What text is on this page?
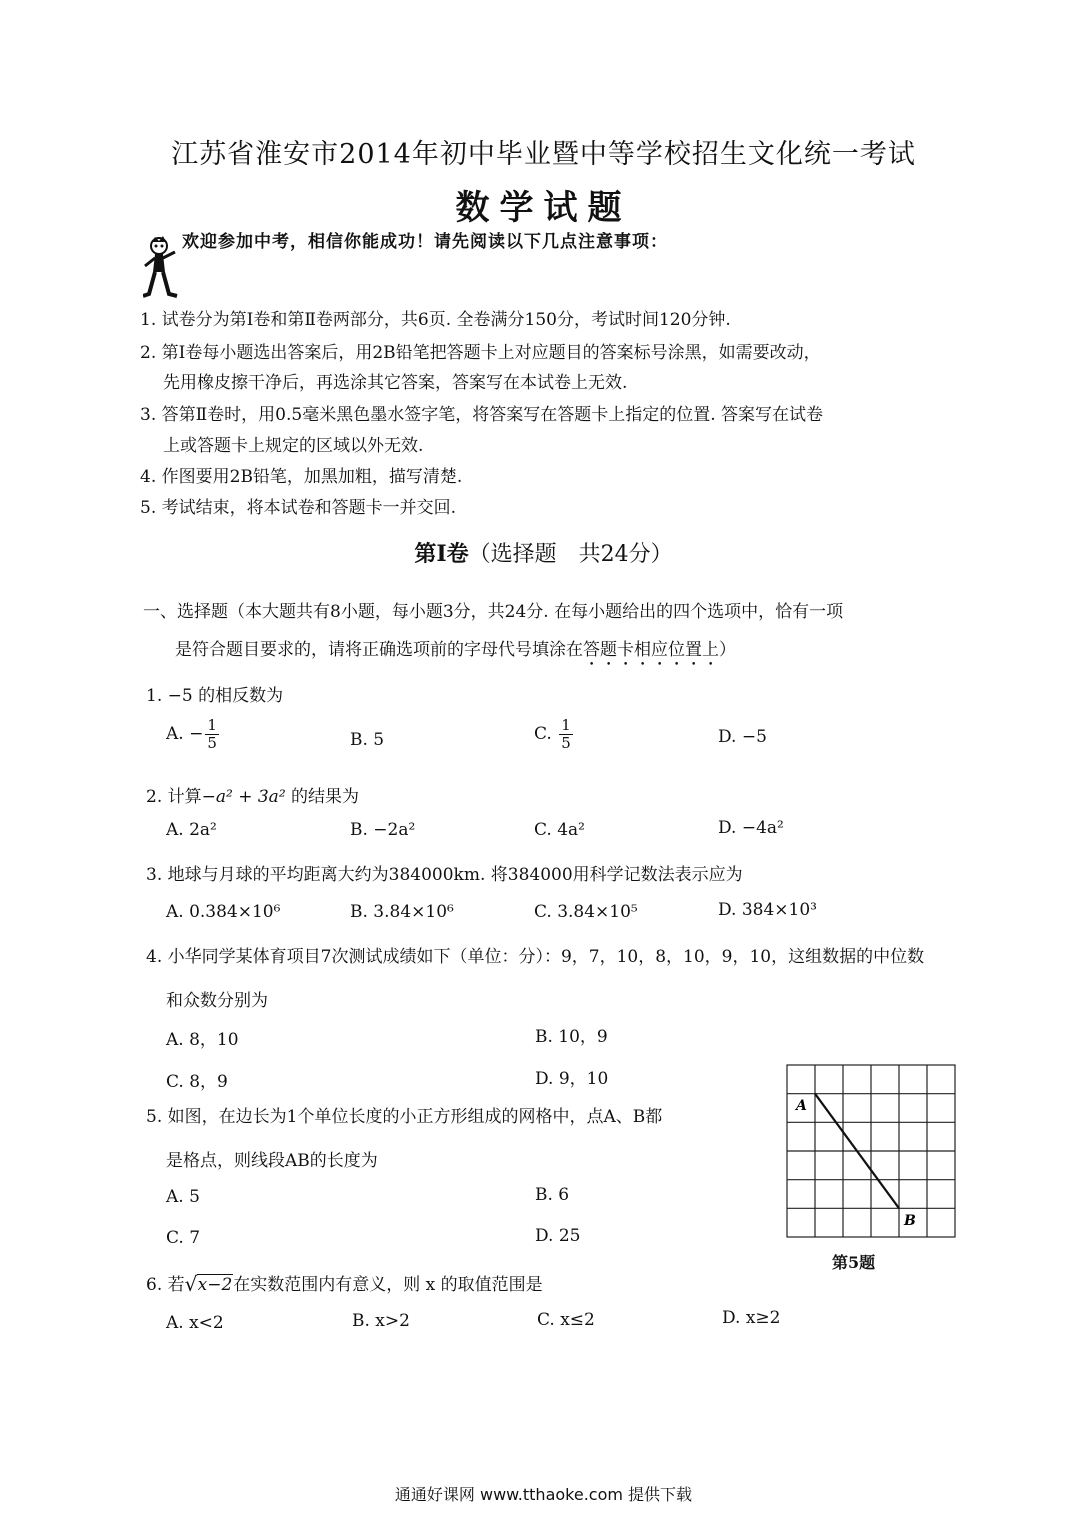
江苏省淮安市2014年初中毕业暨中等学校招生文化统一考试
数学试题
欢迎参加中考，相信你能成功！请先阅读以下几点注意事项：
1. 试卷分为第Ⅰ卷和第Ⅱ卷两部分，共6页. 全卷满分150分，考试时间120分钟.
2. 第Ⅰ卷每小题选出答案后，用2B铅笔把答题卡上对应题目的答案标号涂黑，如需要改动，
先用橡皮擦干净后，再选涂其它答案，答案写在本试卷上无效.
3. 答第Ⅱ卷时，用0.5毫米黑色墨水签字笔，将答案写在答题卡上指定的位置. 答案写在试卷
上或答题卡上规定的区域以外无效.
4. 作图要用2B铅笔，加黑加粗，描写清楚.
5. 考试结束，将本试卷和答题卡一并交回.
第Ⅰ卷（选择题　共24分）
一、选择题（本大题共有8小题，每小题3分，共24分. 在每小题给出的四个选项中，恰有一项
是符合题目要求的，请将正确选项前的字母代号填涂在答题卡相应位置上）
1. −5 的相反数为
A. − $\frac{1}{5}$	B. 5	C. $\frac{1}{5}$	D. −5
2. 计算−a² + 3a² 的结果为
A. 2a²	B. −2a²	C. 4a²	D. −4a²
3. 地球与月球的平均距离大约为384000km. 将384000用科学记数法表示应为
A. 0.384×10⁶	B. 3.84×10⁶	C. 3.84×10⁵	D. 384×10³
4. 小华同学某体育项目7次测试成绩如下（单位：分）：9，7，10，8，10，9，10，这组数据的中位数
和众数分别为
A. 8，10	B. 10，9
C. 8，9	D. 9，10
5. 如图，在边长为1个单位长度的小正方形组成的网格中，点A、B都
是格点，则线段AB的长度为
A. 5	B. 6
C. 7	D. 25
A
B
第5题
6. 若 √ x−2在实数范围内有意义，则 x 的取值范围是
A. x<2	B. x>2	C. x≤2	D. x≥2
通通好课网 www.tthaoke.com 提供下载
